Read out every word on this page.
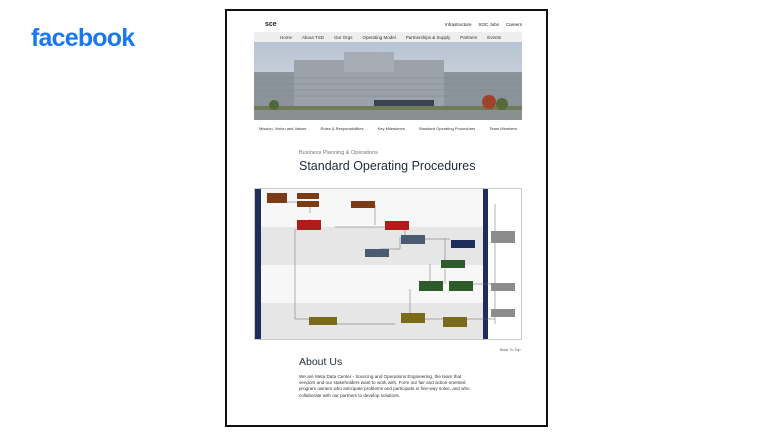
facebook	sce	Infrastructure SOC Jobs Careers
Home About TSD Our Orgs Operating Model Partnerships & Supply Partners Events
Mission, Vision and Values	Roles & Responsibilities	Key Milestones	Standard Operating Procedures	Team Members
Business Planning & Operations
Standard Operating Procedures
Back To Top
About Us
We are Meta Data Center - Sourcing and Operations Engineering, the team that vendors and our stakeholders want to work with. Form our fair and action-oriented program owners who anticipate problems and participate in fine-way solve, and who collaborate with our partners to develop solutions.
